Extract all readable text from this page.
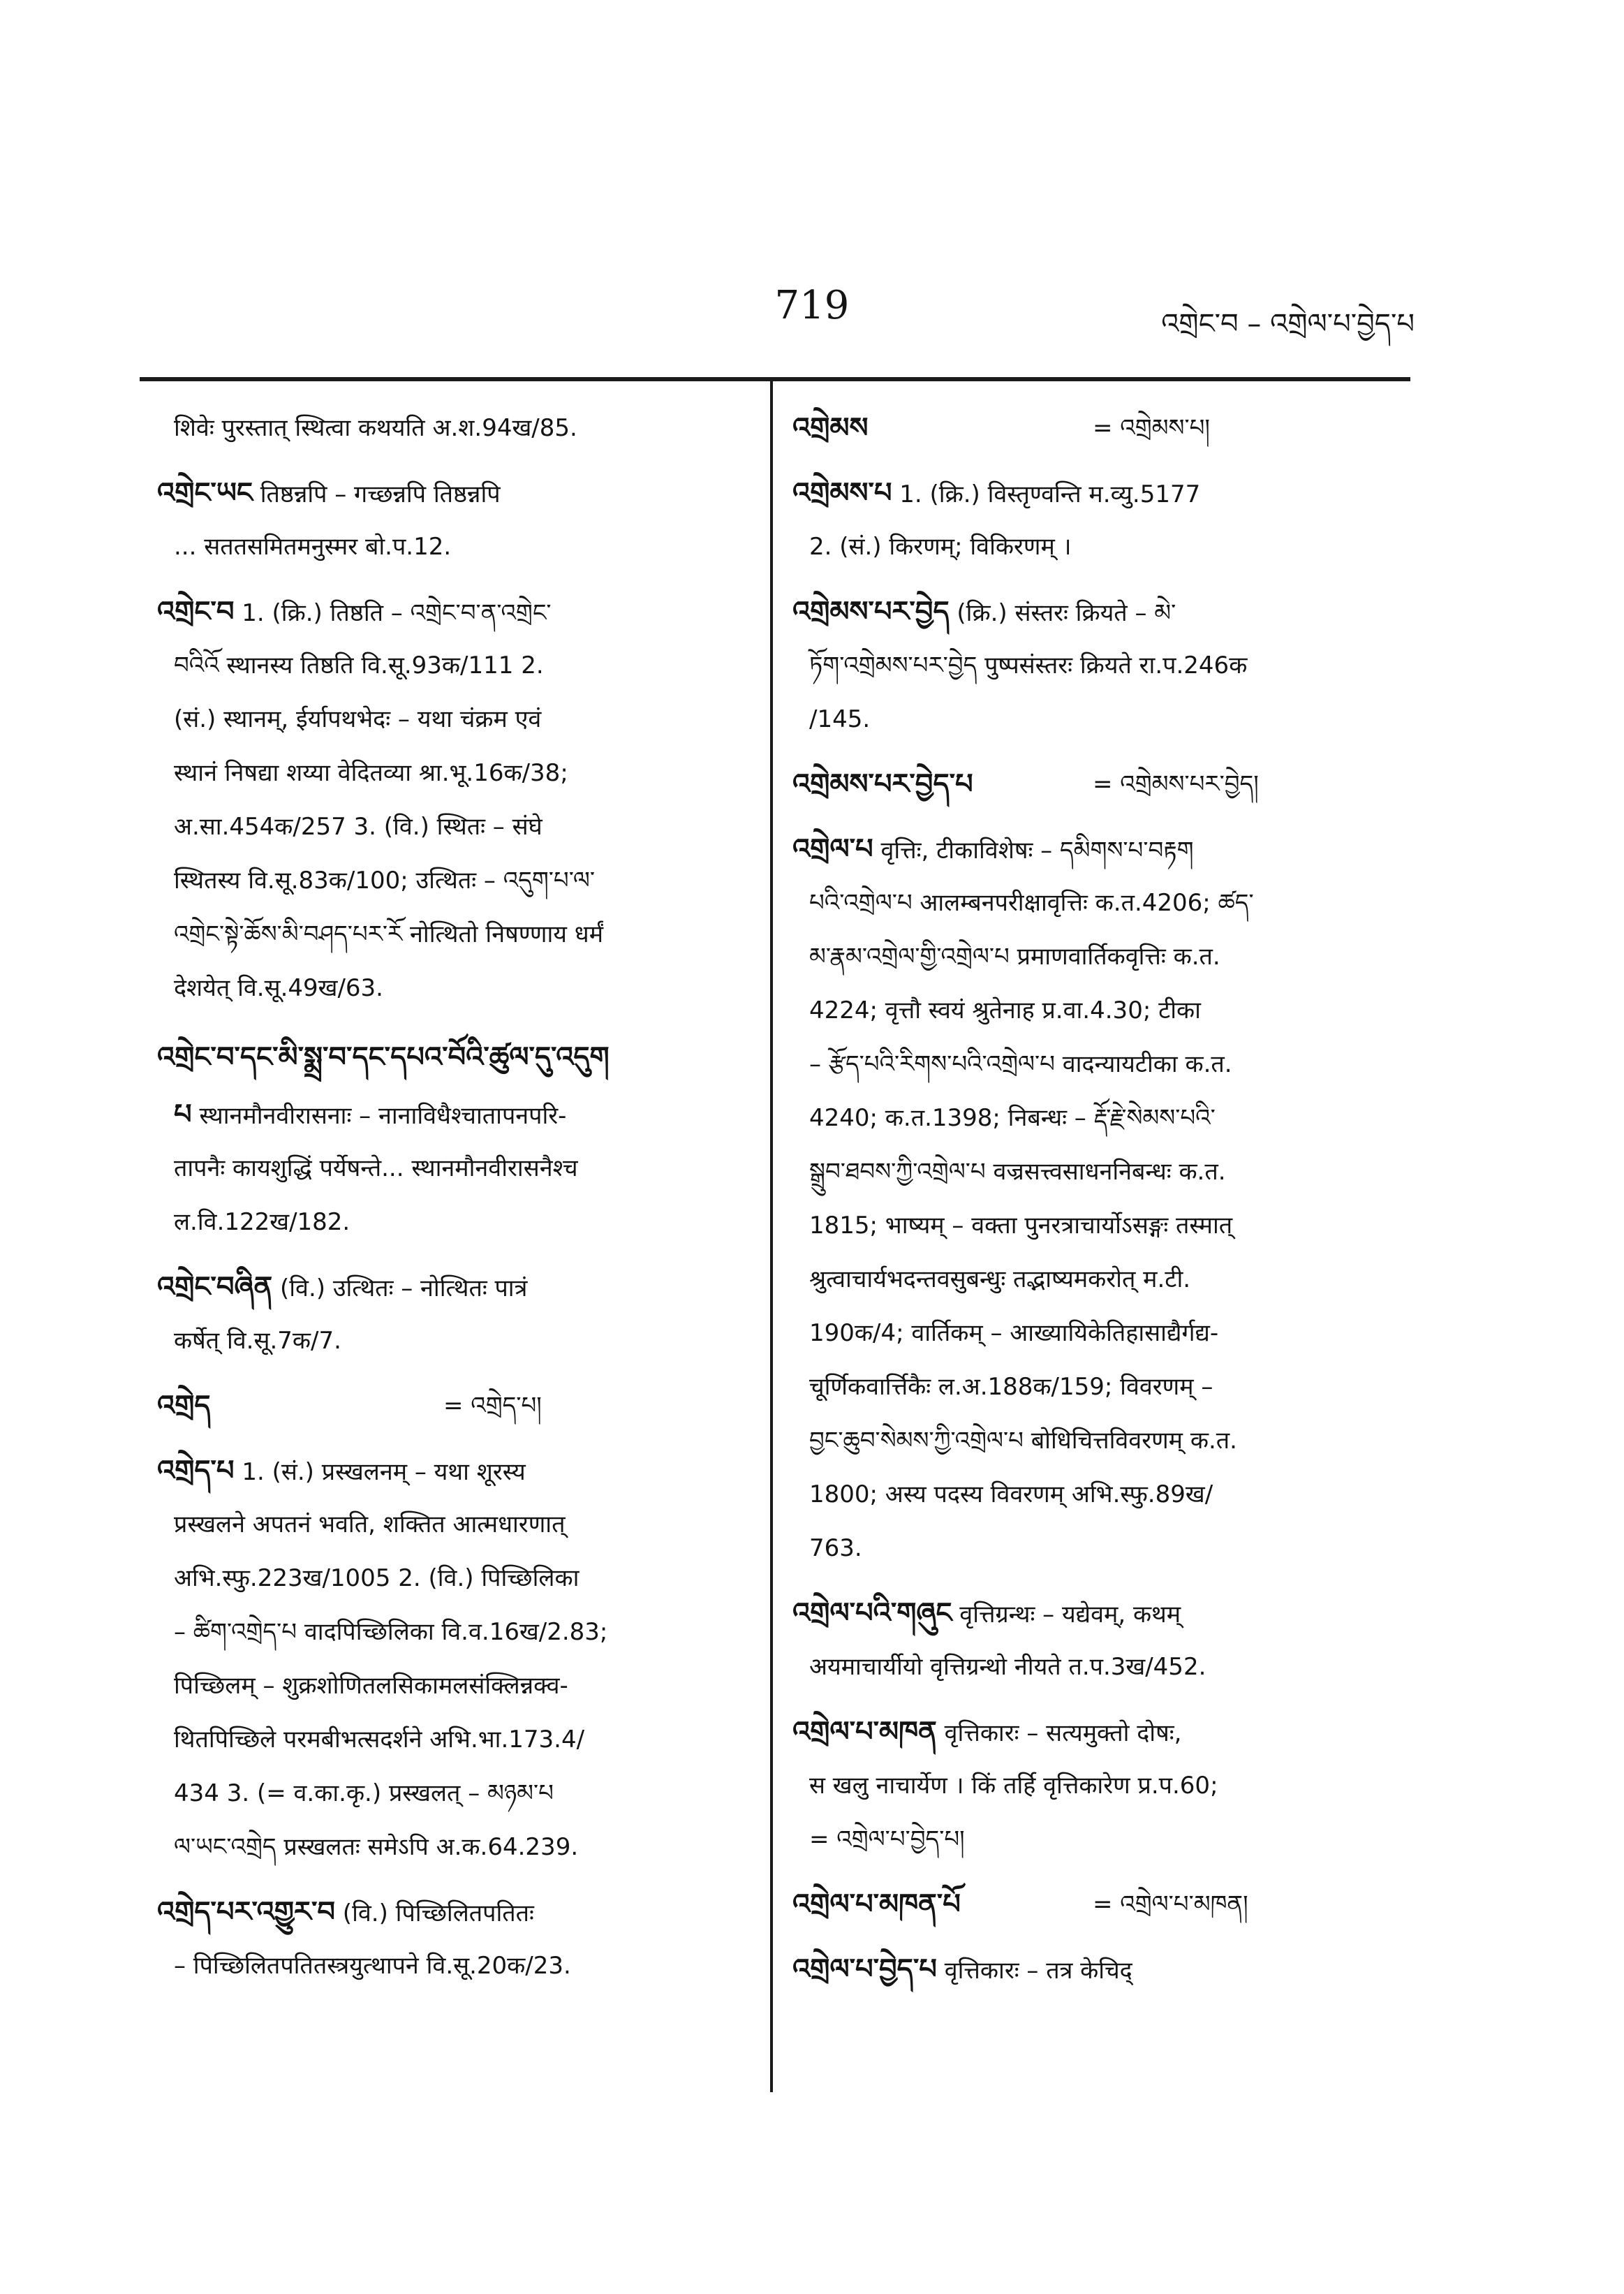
719	འགྲེང་བ – འགྲེལ་པ་བྱེད་པ
शिवेः पुरस्तात् स्थित्वा कथयति अ.श.94ख/85.
འགྲེང་ཡང तिष्ठन्नपि – गच्छन्नपि तिष्ठन्नपि
... सततसमितमनुस्मर बो.प.12.
འགྲེང་བ 1. (क्रि.) तिष्ठति – འགྲེང་བ་ན་འགྲེང་
བའིའོ स्थानस्य तिष्ठति वि.सू.93क/111 2.
(सं.) स्थानम्, ईर्यापथभेदः – यथा चंक्रम एवं
स्थानं निषद्या शय्या वेदितव्या श्रा.भू.16क/38;
अ.सा.454क/257 3. (वि.) स्थितः – संघे
स्थितस्य वि.सू.83क/100; उत्थितः – འདུག་པ་ལ་
འགྲེང་སྟེ་ཆོས་མི་བཤད་པར་རོ नोत्थितो निषण्णाय धर्मं
देशयेत् वि.सू.49ख/63.
འགྲེང་བ་དང་མི་སྨྲ་བ་དང་དཔའ་བོའི་ཚུལ་དུ་འདུག
པ स्थानमौनवीरासनाः – नानाविधैश्चातापनपरि-
तापनैः कायशुद्धिं पर्येषन्ते... स्थानमौनवीरासनैश्च
ल.वि.122ख/182.
འགྲེང་བཞིན (वि.) उत्थितः – नोत्थितः पात्रं
कर्षेत् वि.सू.7क/7.
འགྲེད	= འགྲེད་པ།
འགྲེད་པ 1. (सं.) प्रस्खलनम् – यथा शूरस्य
प्रस्खलने अपतनं भवति, शक्तित आत्मधारणात्
अभि.स्फु.223ख/1005 2. (वि.) पिच्छिलिका
– ཚིག་འགྲེད་པ वादपिच्छिलिका वि.व.16ख/2.83;
पिच्छिलम् – शुक्रशोणितलसिकामलसंक्लिन्नक्व-
थितपिच्छिले परमबीभत्सदर्शने अभि.भा.173.4/
434 3. (= व.का.कृ.) प्रस्खलत् – མཉམ་པ
ལ་ཡང་འགྲེད प्रस्खलतः समेऽपि अ.क.64.239.
འགྲེད་པར་འགྱུར་བ (वि.) पिच्छिलितपतितः
– पिच्छिलितपतितस्त्रयुत्थापने वि.सू.20क/23.
འགྲེམས	= འགྲེམས་པ།
འགྲེམས་པ 1. (क्रि.) विस्तृण्वन्ति म.व्यु.5177
2. (सं.) किरणम्; विकिरणम् ।
འགྲེམས་པར་བྱེད (क्रि.) संस्तरः क्रियते – མེ་
ཏོག་འགྲེམས་པར་བྱེད पुष्पसंस्तरः क्रियते रा.प.246क
/145.
འགྲེམས་པར་བྱེད་པ	= འགྲེམས་པར་བྱེད།
འགྲེལ་པ वृत्तिः, टीकाविशेषः – དམིགས་པ་བརྟག
པའི་འགྲེལ་པ आलम्बनपरीक्षावृत्तिः क.त.4206; ཚད་
མ་རྣམ་འགྲེལ་གྱི་འགྲེལ་པ प्रमाणवार्तिकवृत्तिः क.त.
4224; वृत्तौ स्वयं श्रुतेनाह प्र.वा.4.30; टीका
– རྩོད་པའི་རིགས་པའི་འགྲེལ་པ वादन्यायटीका क.त.
4240; क.त.1398; निबन्धः – རྡོ་རྗེ་སེམས་པའི་
སྒྲུབ་ཐབས་ཀྱི་འགྲེལ་པ वज्रसत्त्वसाधननिबन्धः क.त.
1815; भाष्यम् – वक्ता पुनरत्राचार्योऽसङ्गः तस्मात्
श्रुत्वाचार्यभदन्तवसुबन्धुः तद्भाष्यमकरोत् म.टी.
190क/4; वार्तिकम् – आख्यायिकेतिहासाद्यैर्गद्य-
चूर्णिकवार्त्तिकैः ल.अ.188क/159; विवरणम् –
བྱང་ཆུབ་སེམས་ཀྱི་འགྲེལ་པ बोधिचित्तविवरणम् क.त.
1800; अस्य पदस्य विवरणम् अभि.स्फु.89ख/
763.
འགྲེལ་པའི་གཞུང वृत्तिग्रन्थः – यद्येवम्, कथम्
अयमाचार्यीयो वृत्तिग्रन्थो नीयते त.प.3ख/452.
འགྲེལ་པ་མཁན वृत्तिकारः – सत्यमुक्तो दोषः,
स खलु नाचार्येण । किं तर्हि वृत्तिकारेण प्र.प.60;
= འགྲེལ་པ་བྱེད་པ།
འགྲེལ་པ་མཁན་པོ	= འགྲེལ་པ་མཁན།
འགྲེལ་པ་བྱེད་པ वृत्तिकारः – तत्र केचिद्
